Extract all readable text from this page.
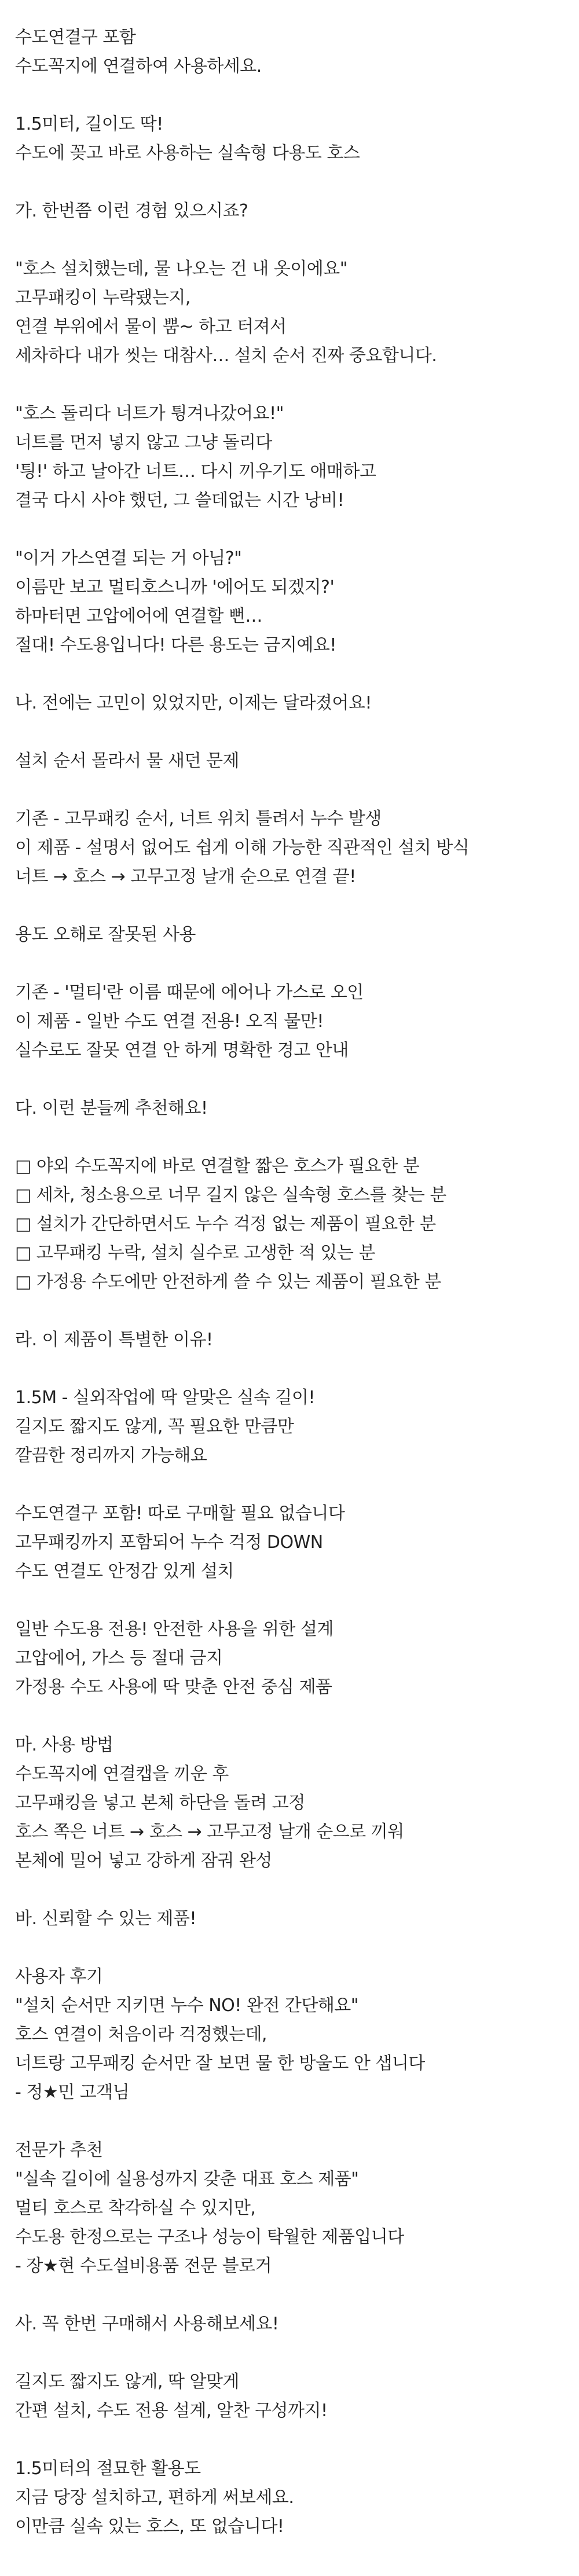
수도연결구 포함

수도꼭지에 연결하여 사용하세요.

1.5미터, 길이도 딱!

수도에 꽂고 바로 사용하는 실속형 다용도 호스

가. 한번쯤 이런 경험 있으시죠?

"호스 설치했는데, 물 나오는 건 내 옷이에요"

고무패킹이 누락됐는지,

연결 부위에서 물이 뿜~ 하고 터져서

세차하다 내가 씻는 대참사… 설치 순서 진짜 중요합니다.

"호스 돌리다 너트가 튕겨나갔어요!"

너트를 먼저 넣지 않고 그냥 돌리다

'틩!' 하고 날아간 너트… 다시 끼우기도 애매하고

결국 다시 사야 했던, 그 쓸데없는 시간 낭비!

"이거 가스연결 되는 거 아님?"

이름만 보고 멀티호스니까 '에어도 되겠지?'

하마터면 고압에어에 연결할 뻔…

절대! 수도용입니다! 다른 용도는 금지예요!

나. 전에는 고민이 있었지만, 이제는 달라졌어요!

설치 순서 몰라서 물 새던 문제

기존 - 고무패킹 순서, 너트 위치 틀려서 누수 발생

이 제품 - 설명서 없어도 쉽게 이해 가능한 직관적인 설치 방식

너트 → 호스 → 고무고정 날개 순으로 연결 끝!

용도 오해로 잘못된 사용

기존 - '멀티'란 이름 때문에 에어나 가스로 오인

이 제품 - 일반 수도 연결 전용! 오직 물만!

실수로도 잘못 연결 안 하게 명확한 경고 안내

다. 이런 분들께 추천해요!

□ 야외 수도꼭지에 바로 연결할 짧은 호스가 필요한 분

□ 세차, 청소용으로 너무 길지 않은 실속형 호스를 찾는 분

□ 설치가 간단하면서도 누수 걱정 없는 제품이 필요한 분

□ 고무패킹 누락, 설치 실수로 고생한 적 있는 분

□ 가정용 수도에만 안전하게 쓸 수 있는 제품이 필요한 분

라. 이 제품이 특별한 이유!

1.5M - 실외작업에 딱 알맞은 실속 길이!

길지도 짧지도 않게, 꼭 필요한 만큼만

깔끔한 정리까지 가능해요

수도연결구 포함! 따로 구매할 필요 없습니다

고무패킹까지 포함되어 누수 걱정 DOWN

수도 연결도 안정감 있게 설치

일반 수도용 전용! 안전한 사용을 위한 설계

고압에어, 가스 등 절대 금지

가정용 수도 사용에 딱 맞춘 안전 중심 제품

마. 사용 방법

수도꼭지에 연결캡을 끼운 후

고무패킹을 넣고 본체 하단을 돌려 고정

호스 쪽은 너트 → 호스 → 고무고정 날개 순으로 끼워

본체에 밀어 넣고 강하게 잠궈 완성

바. 신뢰할 수 있는 제품!

사용자 후기

"설치 순서만 지키면 누수 NO! 완전 간단해요"

호스 연결이 처음이라 걱정했는데,

너트랑 고무패킹 순서만 잘 보면 물 한 방울도 안 샙니다

- 정★민 고객님

전문가 추천

"실속 길이에 실용성까지 갖춘 대표 호스 제품"

멀티 호스로 착각하실 수 있지만,

수도용 한정으로는 구조나 성능이 탁월한 제품입니다

- 장★현 수도설비용품 전문 블로거

사. 꼭 한번 구매해서 사용해보세요!

길지도 짧지도 않게, 딱 알맞게

간편 설치, 수도 전용 설계, 알찬 구성까지!

1.5미터의 절묘한 활용도

지금 당장 설치하고, 편하게 써보세요.

이만큼 실속 있는 호스, 또 없습니다!
